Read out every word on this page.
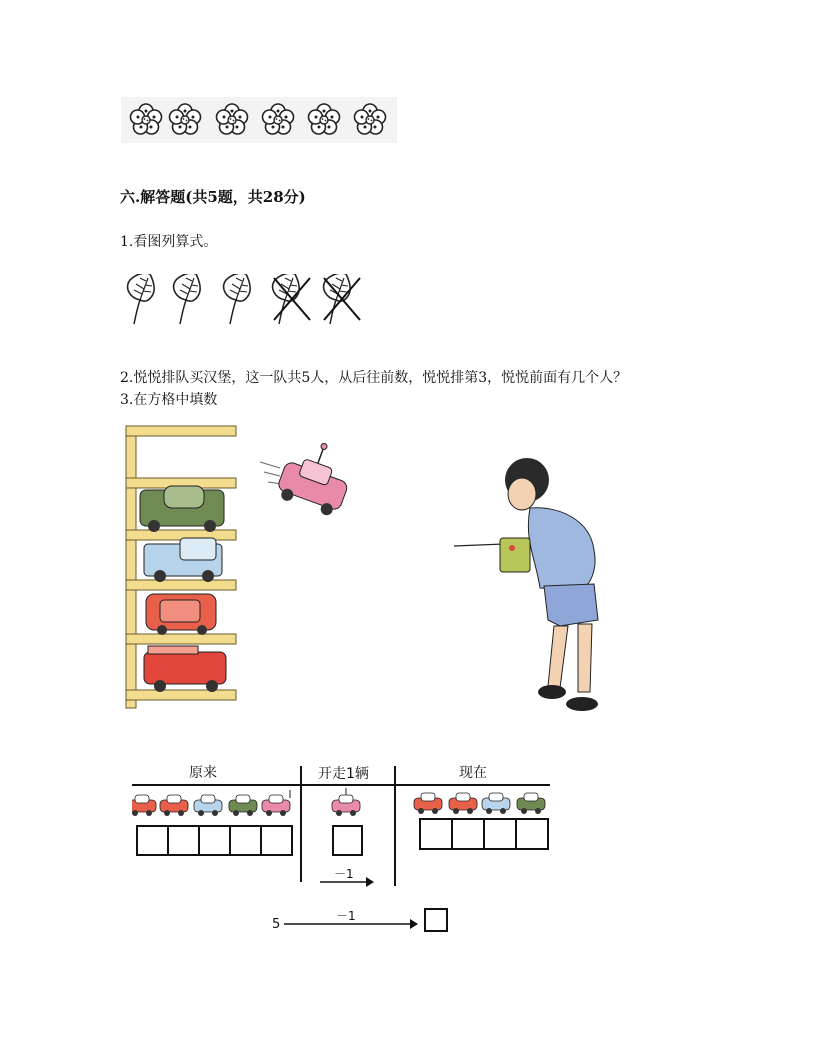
六.解答题(共5题，共28分)
1.看图列算式。
2.悦悦排队买汉堡，这一队共5人，从后往前数，悦悦排第3，悦悦前面有几个人？
3.在方格中填数
原来	开走1辆	现在
－1
5
－1
